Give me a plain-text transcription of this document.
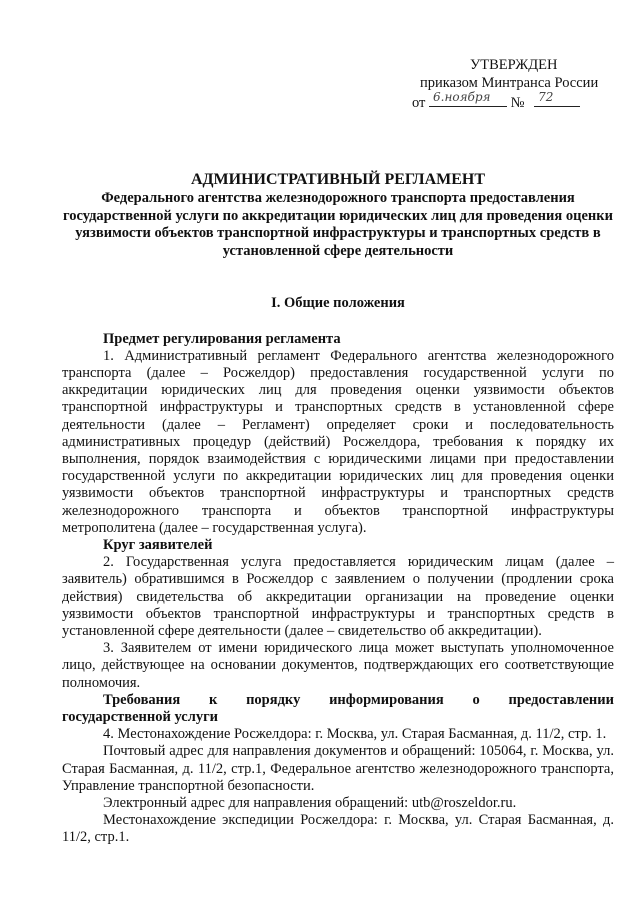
УТВЕРЖДЕН
приказом Минтранса России
от 6.ноября № 72
АДМИНИСТРАТИВНЫЙ РЕГЛАМЕНТ
Федерального агентства железнодорожного транспорта предоставления государственной услуги по аккредитации юридических лиц для проведения оценки уязвимости объектов транспортной инфраструктуры и транспортных средств в установленной сфере деятельности
I. Общие положения
Предмет регулирования регламента

1. Административный регламент Федерального агентства железнодорожного транспорта (далее – Росжелдор) предоставления государственной услуги по аккредитации юридических лиц для проведения оценки уязвимости объектов транспортной инфраструктуры и транспортных средств в установленной сфере деятельности (далее – Регламент) определяет сроки и последовательность административных процедур (действий) Росжелдора, требования к порядку их выполнения, порядок взаимодействия с юридическими лицами при предоставлении государственной услуги по аккредитации юридических лиц для проведения оценки уязвимости объектов транспортной инфраструктуры и транспортных средств железнодорожного транспорта и объектов транспортной инфраструктуры метрополитена (далее – государственная услуга).

Круг заявителей

2. Государственная услуга предоставляется юридическим лицам (далее – заявитель) обратившимся в Росжелдор с заявлением о получении (продлении срока действия) свидетельства об аккредитации организации на проведение оценки уязвимости объектов транспортной инфраструктуры и транспортных средств в установленной сфере деятельности (далее – свидетельство об аккредитации).

3. Заявителем от имени юридического лица может выступать уполномоченное лицо, действующее на основании документов, подтверждающих его соответствующие полномочия.

Требования к порядку информирования о предоставлении
государственной услуги

4. Местонахождение Росжелдора: г. Москва, ул. Старая Басманная, д. 11/2, стр. 1.

Почтовый адрес для направления документов и обращений: 105064, г. Москва, ул. Старая Басманная, д. 11/2, стр.1, Федеральное агентство железнодорожного транспорта, Управление транспортной безопасности.

Электронный адрес для направления обращений: utb@roszeldor.ru.

Местонахождение экспедиции Росжелдора: г. Москва, ул. Старая Басманная, д. 11/2, стр.1.
